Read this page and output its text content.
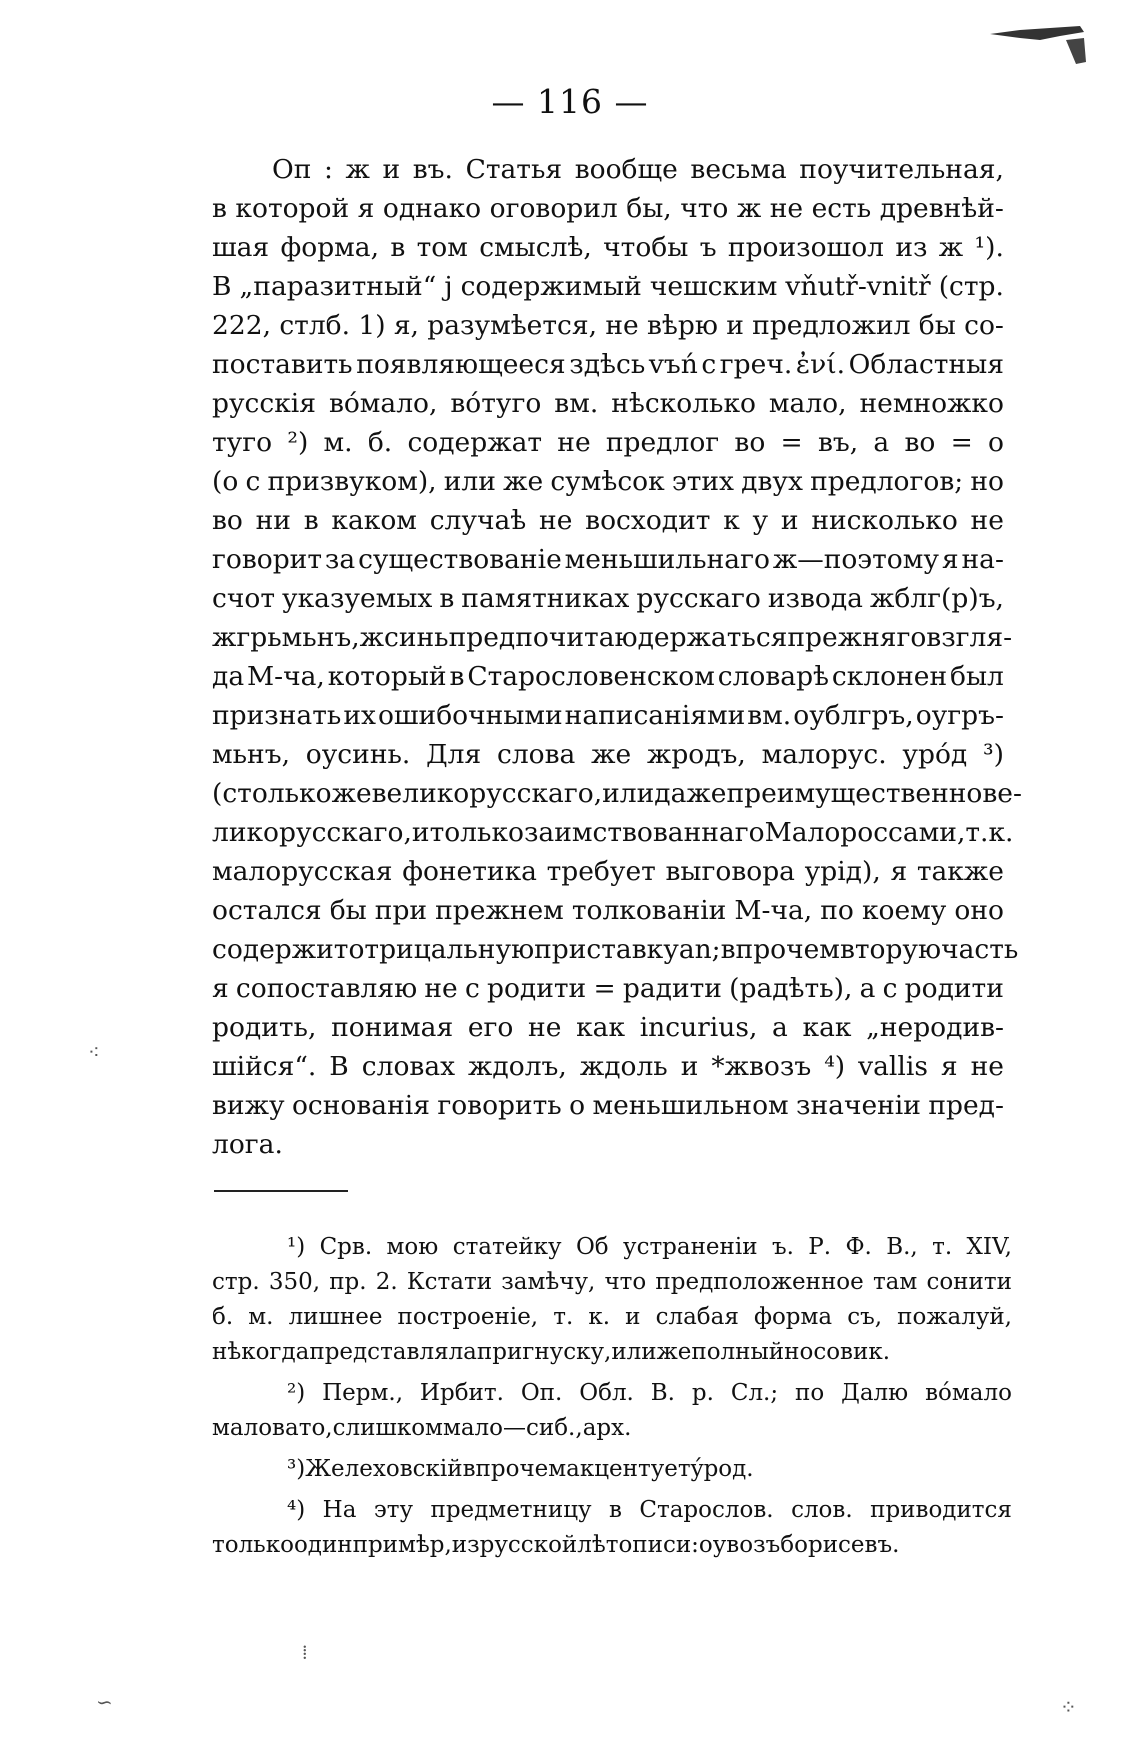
⁖
∽	⁘
⁞
— 116 —
Оп : ж и въ. Статья вообще весьма поучительная,
в которой я однако оговорил бы, что ж не есть древнѣй-
шая форма, в том смыслѣ, чтобы ъ произошол из ж ¹).
В „паразитный“ j содержимый чешским vňutř-vnitř (стр.
222, стлб. 1) я, разумѣется, не вѣрю и предложил бы со-
поставить появляющееся здѣсь vъń с греч. ἐνί. Областныя
русскія вóмало, вóтуго вм. нѣсколько мало, немножко
туго ²) м. б. содержат не предлог во = въ, а во = о
(о с призвуком), или же сумѣсок этих двух предлогов; но
во ни в каком случаѣ не восходит к у и нисколько не
говорит за существованіе меньшильнаго ж—поэтому я на-
счот указуемых в памятниках русскаго извода жблг(р)ъ,
жгрьмьнъ, жсинь предпочитаю держаться прежняго взгля-
да М-ча, который в Старословенском словарѣ склонен был
признать их ошибочными написаніями вм. оублгръ, оугръ-
мьнъ, оусинь. Для слова же жродъ, малорус. урóд ³)
(столько же великорусскаго, или даже преимущественно ве-
ликорусскаго, и только заимствованнаго Малороссами, т. к.
малорусская фонетика требует выговора урід), я также
остался бы при прежнем толкованіи М-ча, по коему оно
содержит отрицальную приставку an; впрочем вторую часть
я сопоставляю не с родити = радити (радѣть), а с родити
родить, понимая его не как incurius, а как „неродив-
шійся“. В словах ждолъ, ждоль и *жвозъ ⁴) vallis я не
вижу основанія говорить о меньшильном значеніи пред-
лога.
¹) Срв. мою статейку Об устраненіи ъ. Р. Ф. В., т. XIV,
стр. 350, пр. 2. Кстати замѣчу, что предположенное там сонити
б. м. лишнее построеніе, т. к. и слабая форма съ, пожалуй,
нѣкогда представляла пригнуску, или же полный носовик.
²) Перм., Ирбит. Оп. Обл. В. р. Сл.; по Далю вóмало
маловато, слишком мало — сиб., арх.
³) Желеховскій впрочем акцентует ýрод.
⁴) На эту предметницу в Старослов. слов. приводится
только один примѣр, из русской лѣтописи: оувозъ борисевъ.
